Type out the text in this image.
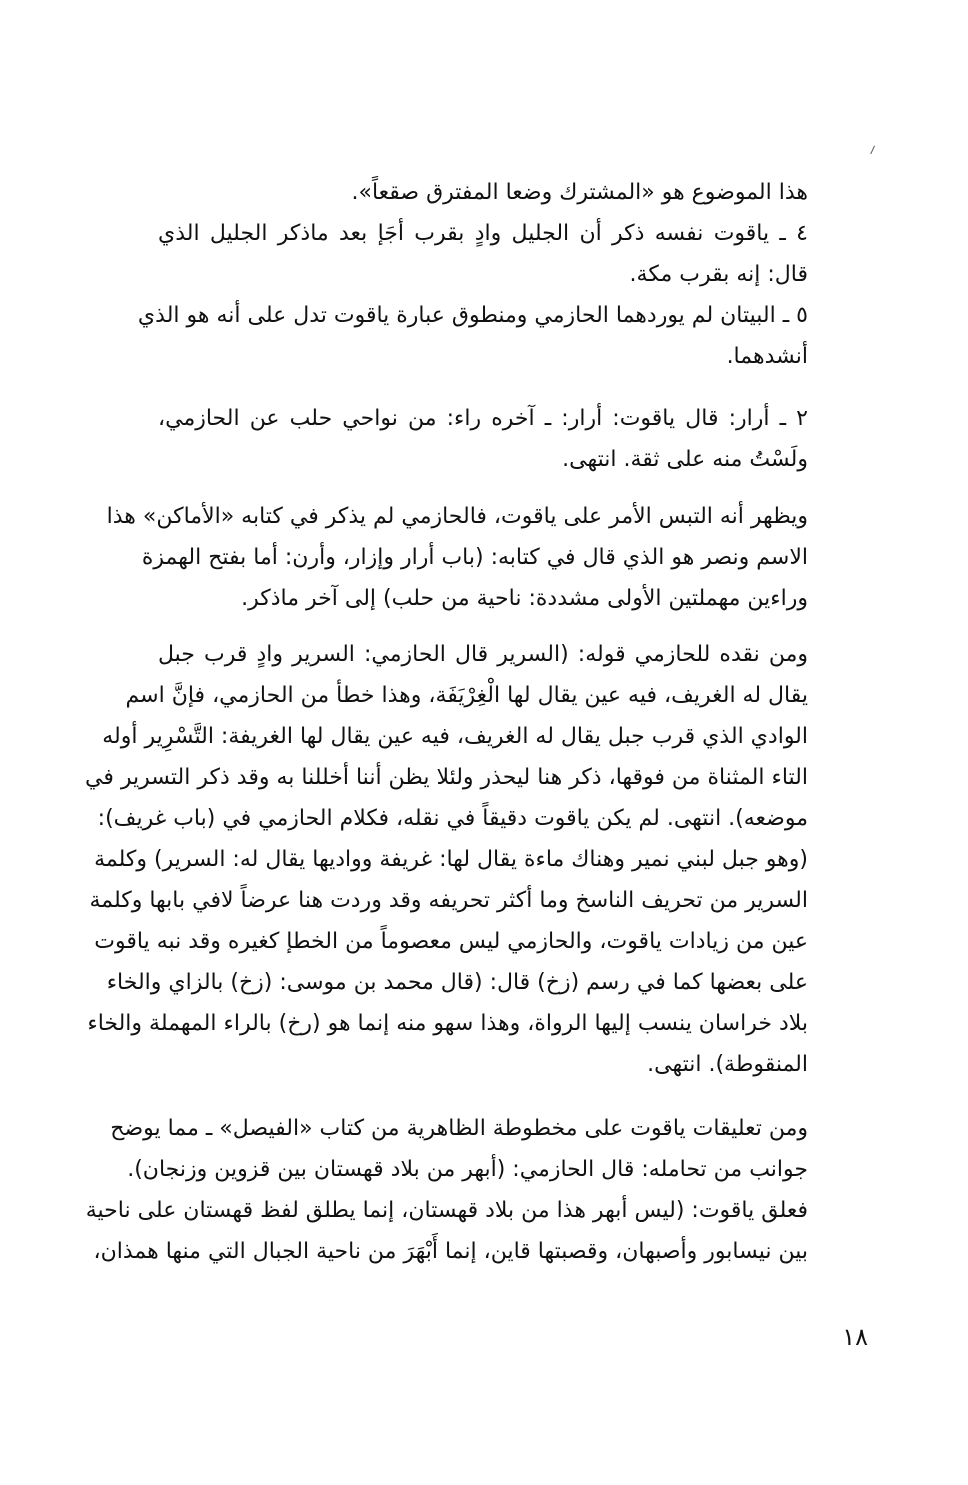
هذا الموضوع هو «المشترك وضعا المفترق صقعاً».
٤ ـ ياقوت نفسه ذكر أن الجليل وادٍ بقرب أجَإ بعد ماذكر الجليل الذي
قال: إنه بقرب مكة.
٥ ـ البيتان لم يوردهما الحازمي ومنطوق عبارة ياقوت تدل على أنه هو الذي
أنشدهما.
٢ ـ أرار: قال ياقوت: أرار: ـ آخره راء: من نواحي حلب عن الحازمي،
ولَسْتُ منه على ثقة. انتهى.
ويظهر أنه التبس الأمر على ياقوت، فالحازمي لم يذكر في كتابه «الأماكن» هذا
الاسم ونصر هو الذي قال في كتابه: (باب أرار وإزار، وأرن: أما بفتح الهمزة
وراءين مهملتين الأولى مشددة: ناحية من حلب) إلى آخر ماذكر.
ومن نقده للحازمي قوله: (السرير قال الحازمي: السرير وادٍ قرب جبل
يقال له الغريف، فيه عين يقال لها الْغِرْيَفَة، وهذا خطأ من الحازمي، فإنَّ اسم
الوادي الذي قرب جبل يقال له الغريف، فيه عين يقال لها الغريفة: التَّسْرِير أوله
التاء المثناة من فوقها، ذكر هنا ليحذر ولئلا يظن أننا أخللنا به وقد ذكر التسرير في
موضعه). انتهى. لم يكن ياقوت دقيقاً في نقله، فكلام الحازمي في (باب غريف):
(وهو جبل لبني نمير وهناك ماءة يقال لها: غريفة وواديها يقال له: السرير) وكلمة
السرير من تحريف الناسخ وما أكثر تحريفه وقد وردت هنا عرضاً لافي بابها وكلمة
عين من زيادات ياقوت، والحازمي ليس معصوماً من الخطإ كغيره وقد نبه ياقوت
على بعضها كما في رسم (زخ) قال: (قال محمد بن موسى: (زخ) بالزاي والخاء
بلاد خراسان ينسب إليها الرواة، وهذا سهو منه إنما هو (رخ) بالراء المهملة والخاء
المنقوطة). انتهى.
ومن تعليقات ياقوت على مخطوطة الظاهرية من كتاب «الفيصل» ـ مما يوضح
جوانب من تحامله: قال الحازمي: (أبهر من بلاد قهستان بين قزوين وزنجان).
فعلق ياقوت: (ليس أبهر هذا من بلاد قهستان، إنما يطلق لفظ قهستان على ناحية
بين نيسابور وأصبهان، وقصبتها قاين، إنما أَبْهَرَ من ناحية الجبال التي منها همذان،
١٨
